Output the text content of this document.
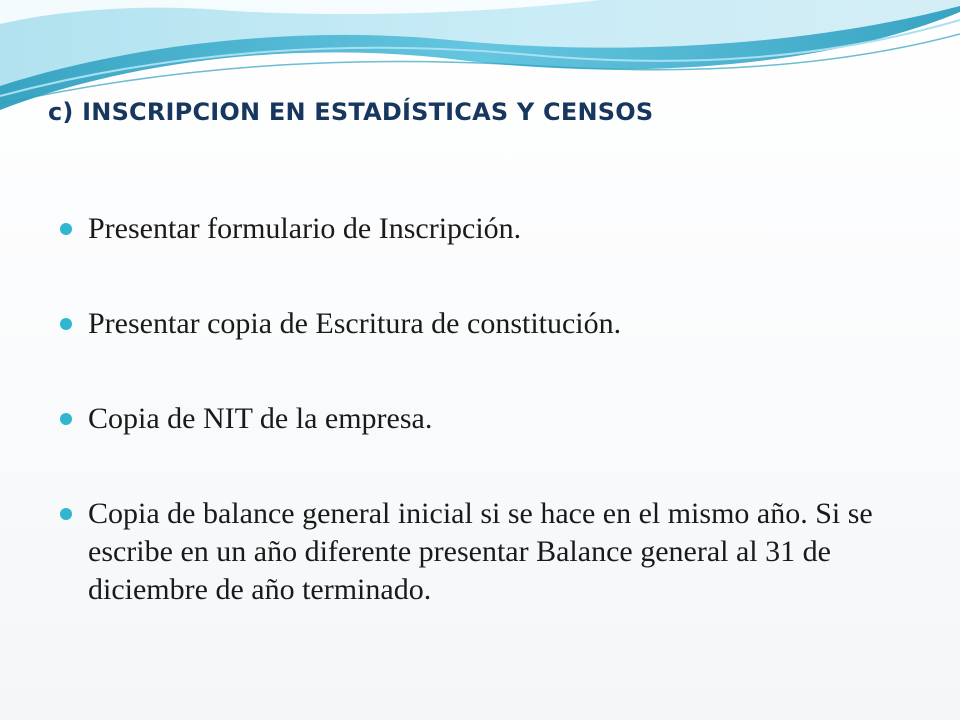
c) INSCRIPCION EN ESTADÍSTICAS Y CENSOS
Presentar formulario de Inscripción.
Presentar copia de Escritura de constitución.
Copia de NIT de la empresa.
Copia de balance general inicial si se hace en el mismo año. Si se escribe en un año diferente presentar Balance general al 31 de diciembre de año terminado.
